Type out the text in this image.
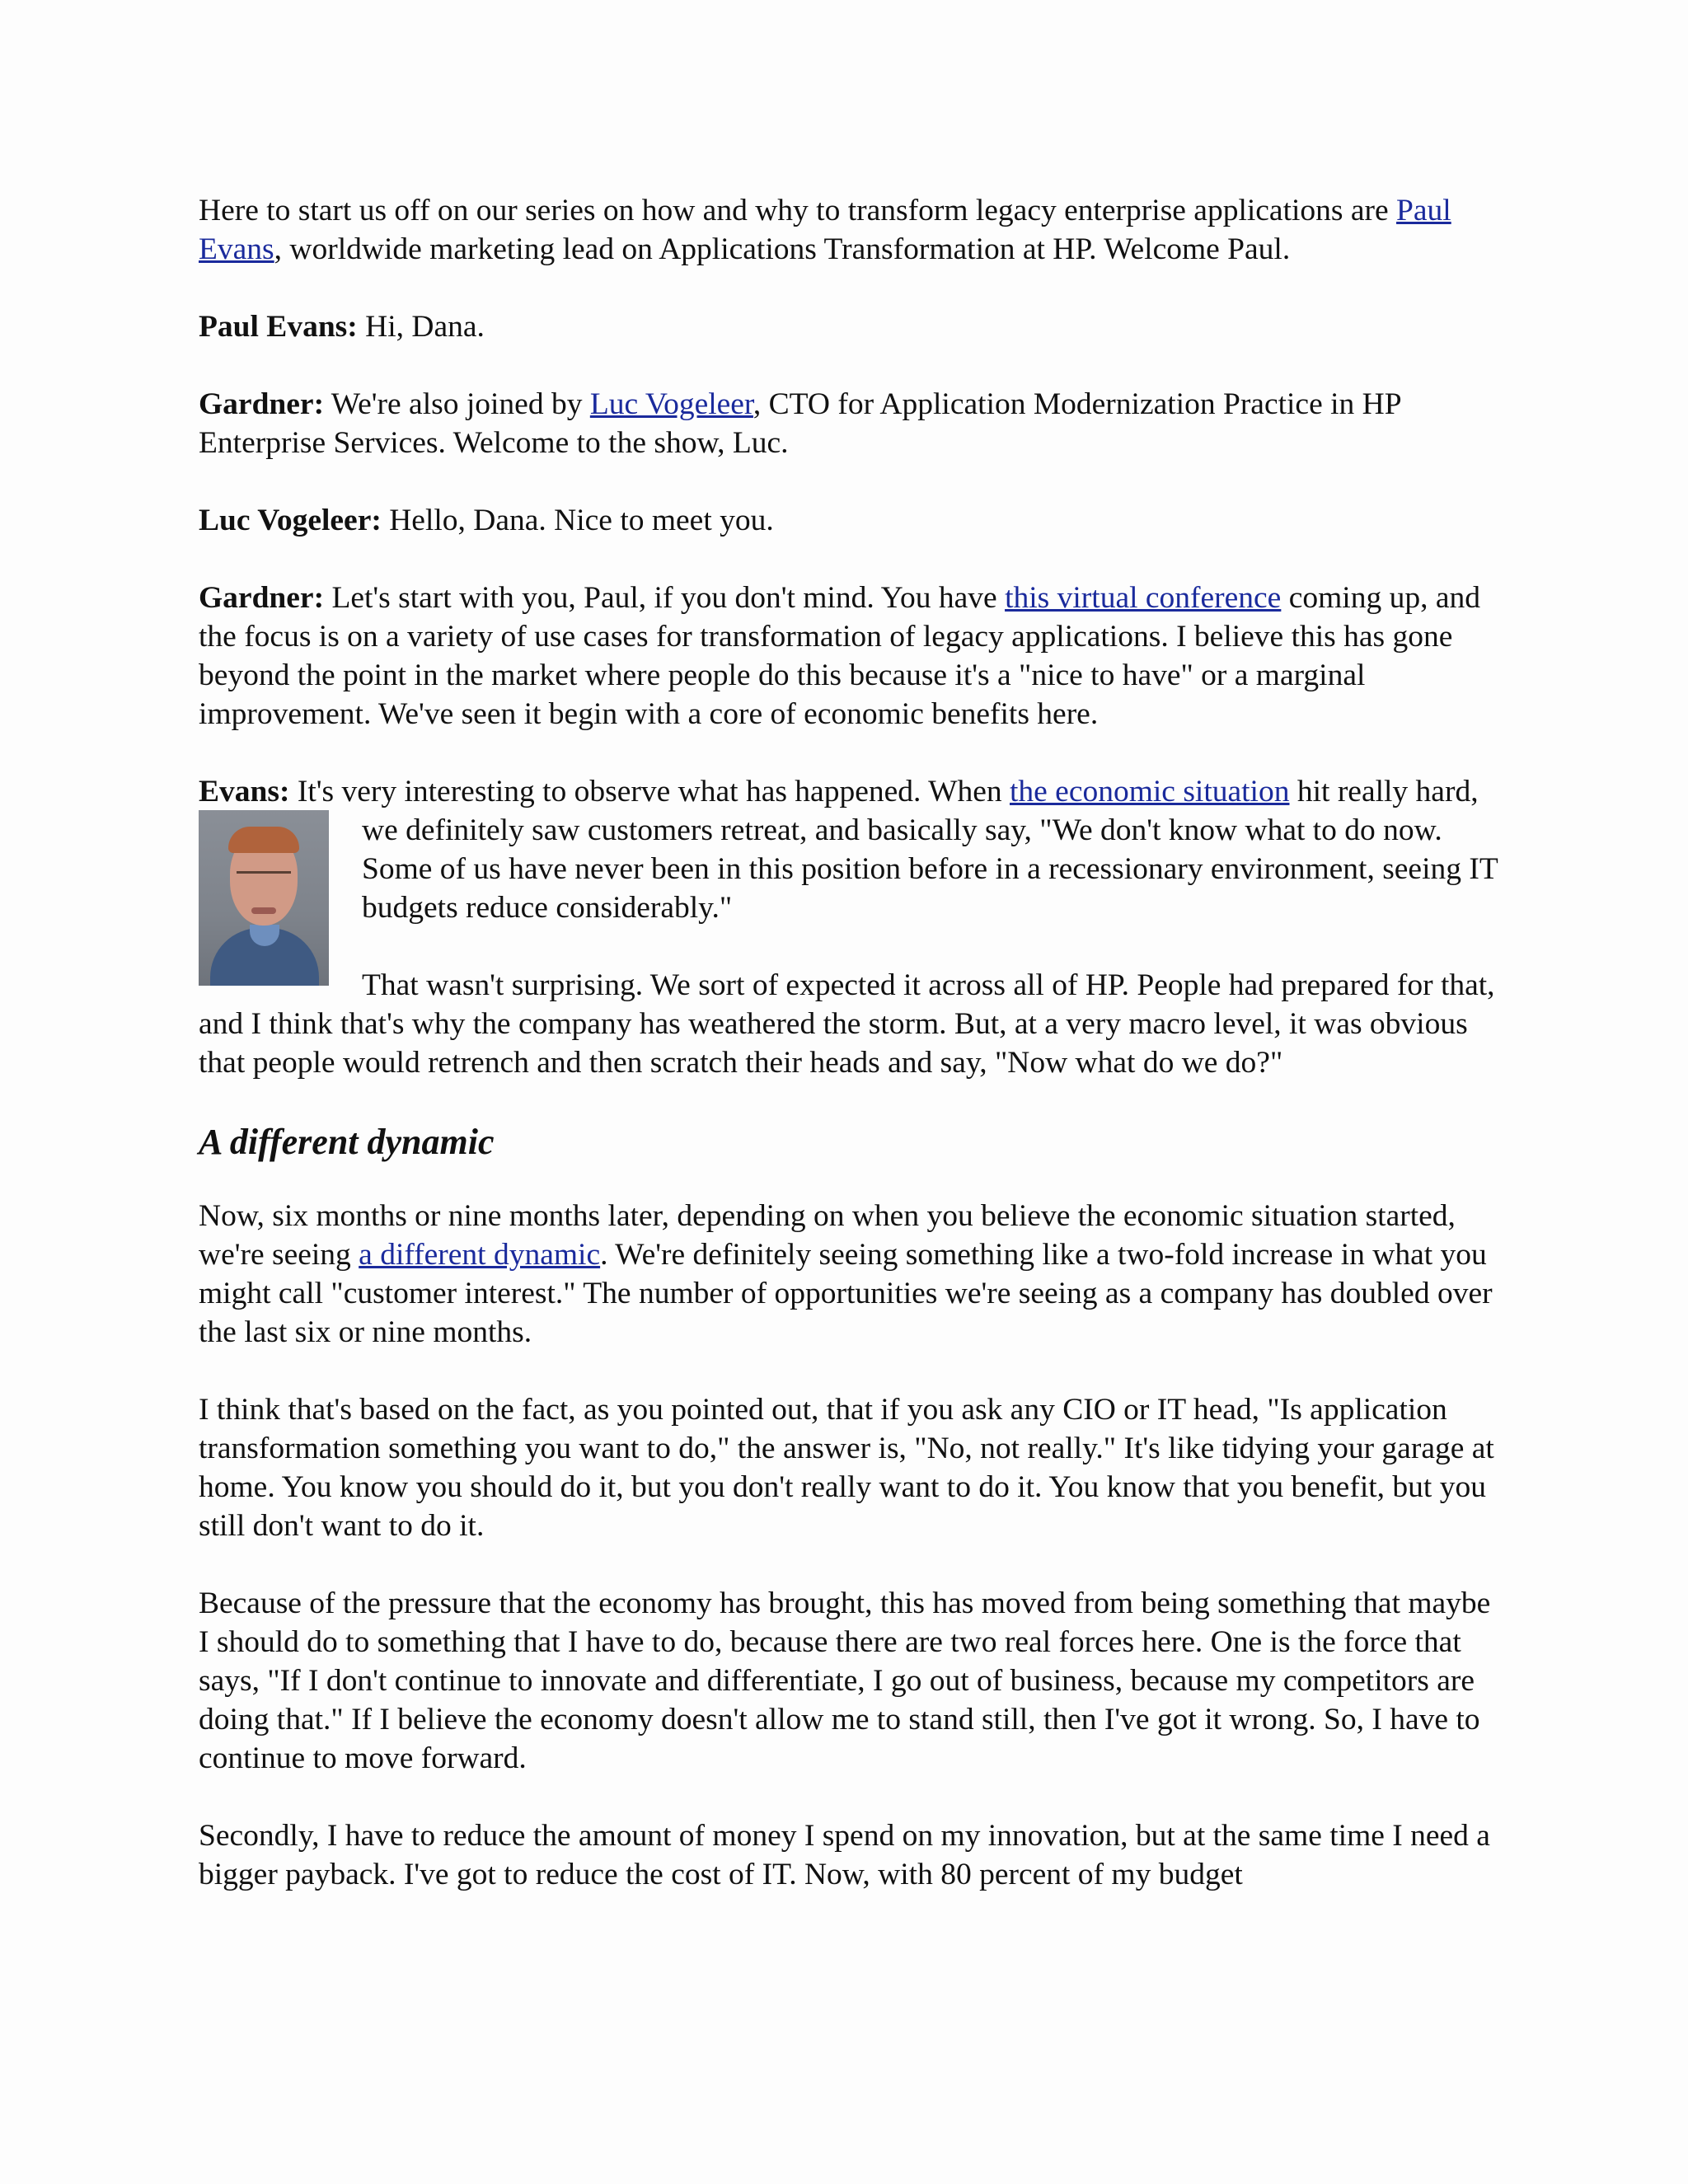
Here to start us off on our series on how and why to transform legacy enterprise applications are Paul Evans, worldwide marketing lead on Applications Transformation at HP. Welcome Paul.

Paul Evans: Hi, Dana.

Gardner: We're also joined by Luc Vogeleer, CTO for Application Modernization Practice in HP Enterprise Services. Welcome to the show, Luc.

Luc Vogeleer: Hello, Dana. Nice to meet you.

Gardner: Let's start with you, Paul, if you don't mind. You have this virtual conference coming up, and the focus is on a variety of use cases for transformation of legacy applications. I believe this has gone beyond the point in the market where people do this because it's a "nice to have" or a marginal improvement. We've seen it begin with a core of economic benefits here.

Evans: It's very interesting to observe what has happened. When the economic situation
hit really hard, we definitely saw customers retreat, and basically say, "We don't know what to do now. Some of us have never been in this position before in a recessionary environment, seeing IT budgets reduce considerably."

That wasn't surprising. We sort of expected it across all of HP. People had prepared for that, and I think that's why the company has weathered the storm. But, at a very macro level, it was obvious that people would retrench and then scratch their heads and say, "Now what do we do?"

A different dynamic

Now, six months or nine months later, depending on when you believe the economic situation started, we're seeing a different dynamic. We're definitely seeing something like a two-fold increase in what you might call "customer interest." The number of opportunities we're seeing as a company has doubled over the last six or nine months.

I think that's based on the fact, as you pointed out, that if you ask any CIO or IT head, "Is application transformation something you want to do," the answer is, "No, not really." It's like tidying your garage at home. You know you should do it, but you don't really want to do it. You know that you benefit, but you still don't want to do it.

Because of the pressure that the economy has brought, this has moved from being something that maybe I should do to something that I have to do, because there are two real forces here. One is the force that says, "If I don't continue to innovate and differentiate, I go out of business, because my competitors are doing that." If I believe the economy doesn't allow me to stand still, then I've got it wrong. So, I have to continue to move forward.

Secondly, I have to reduce the amount of money I spend on my innovation, but at the same time I need a bigger payback. I've got to reduce the cost of IT. Now, with 80 percent of my budget
